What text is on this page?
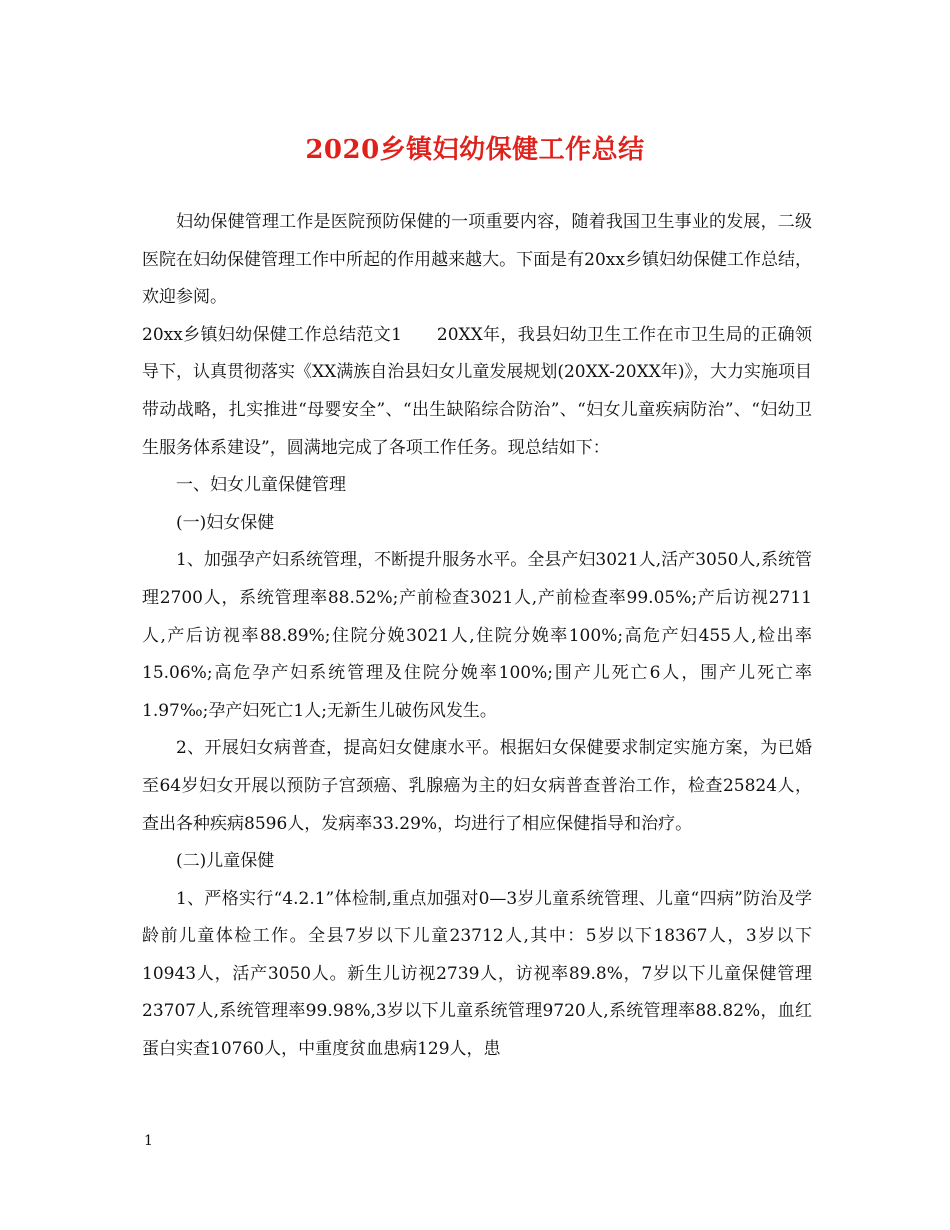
2020乡镇妇幼保健工作总结

妇幼保健管理工作是医院预防保健的一项重要内容，随着我国卫生事业的发展，二级医院在妇幼保健管理工作中所起的作用越来越大。下面是有20xx乡镇妇幼保健工作总结，欢迎参阅。

20xx乡镇妇幼保健工作总结范文1　　20XX年，我县妇幼卫生工作在市卫生局的正确领导下，认真贯彻落实《XX满族自治县妇女儿童发展规划(20XX-20XX年)》，大力实施项目带动战略，扎实推进“母婴安全”、“出生缺陷综合防治”、“妇女儿童疾病防治”、“妇幼卫生服务体系建设”，圆满地完成了各项工作任务。现总结如下：

一、妇女儿童保健管理

(一)妇女保健

1、加强孕产妇系统管理，不断提升服务水平。全县产妇3021人,活产3050人,系统管理2700人，系统管理率88.52%;产前检查3021人,产前检查率99.05%;产后访视2711人,产后访视率88.89%;住院分娩3021人,住院分娩率100%;高危产妇455人,检出率15.06%;高危孕产妇系统管理及住院分娩率100%;围产儿死亡6人，围产儿死亡率1.97‰;孕产妇死亡1人;无新生儿破伤风发生。

2、开展妇女病普查，提高妇女健康水平。根据妇女保健要求制定实施方案，为已婚至64岁妇女开展以预防子宫颈癌、乳腺癌为主的妇女病普查普治工作，检查25824人，查出各种疾病8596人，发病率33.29%，均进行了相应保健指导和治疗。

(二)儿童保健

1、严格实行“4.2.1”体检制,重点加强对0—3岁儿童系统管理、儿童“四病”防治及学龄前儿童体检工作。全县7岁以下儿童23712人,其中：5岁以下18367人，3岁以下10943人，活产3050人。新生儿访视2739人，访视率89.8%，7岁以下儿童保健管理23707人,系统管理率99.98%,3岁以下儿童系统管理9720人,系统管理率88.82%，血红蛋白实查10760人，中重度贫血患病129人，患

1
